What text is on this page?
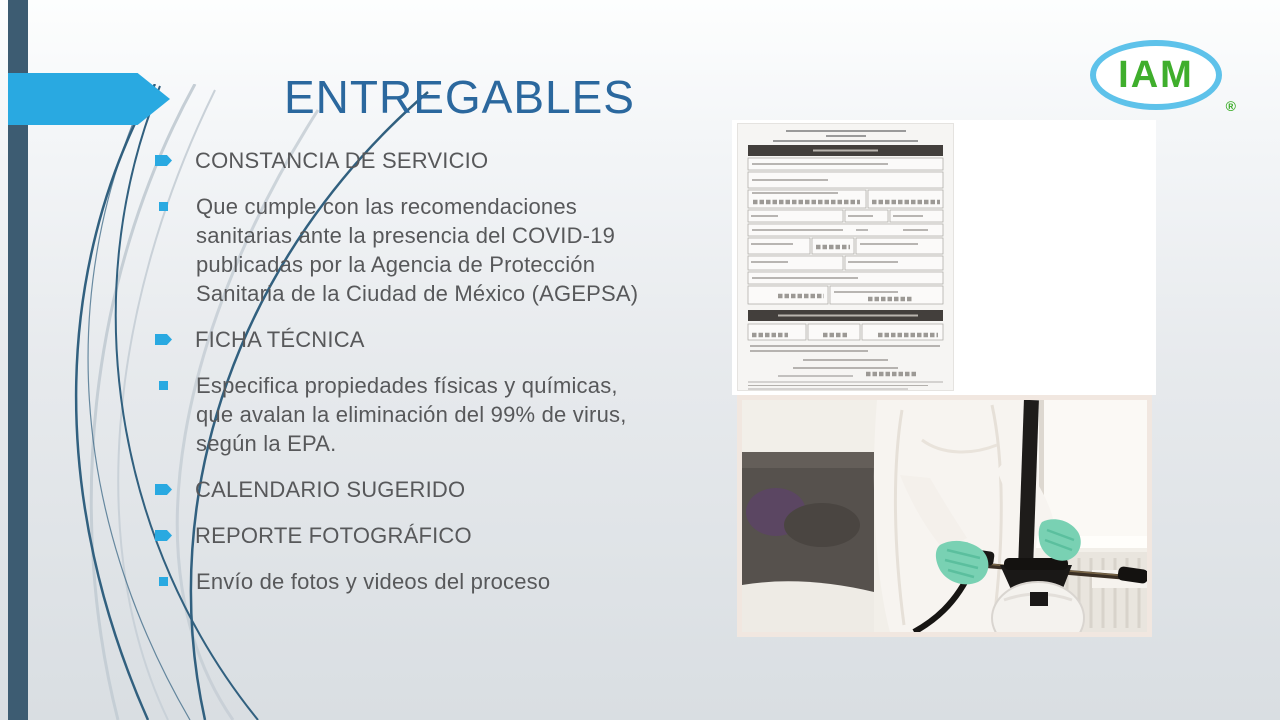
ENTREGABLES	IAM
®
CONSTANCIA DE SERVICIO
Que cumple con las recomendaciones sanitarias ante la presencia del COVID-19 publicadas por la Agencia de Protección Sanitaria de la Ciudad de México (AGEPSA)
FICHA TÉCNICA
Especifica propiedades físicas y químicas, que avalan la eliminación del 99% de virus, según la EPA.
CALENDARIO SUGERIDO
REPORTE FOTOGRÁFICO
Envío de fotos y videos del proceso
